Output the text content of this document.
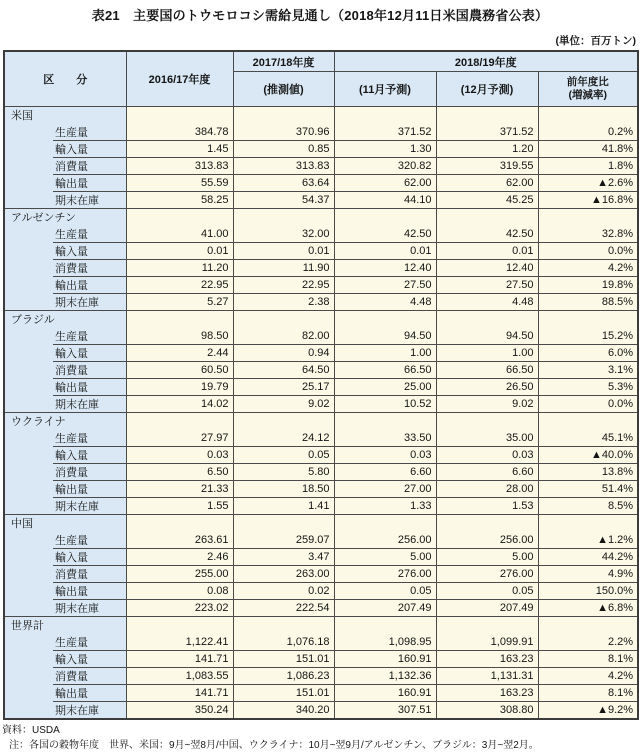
表21　主要国のトウモロコシ需給見通し（2018年12月11日米国農務省公表）
(単位：百万トン)
区　　分	2016/17年度	2017/18年度	2018/19年度		
		(推測値)	(11月予測)	(12月予測)	前年度比
(増減率)

米国					
生産量	384.78	370.96	371.52	371.52	0.2%
輸入量	1.45	0.85	1.30	1.20	41.8%
消費量	313.83	313.83	320.82	319.55	1.8%
輸出量	55.59	63.64	62.00	62.00	▲2.6%
期末在庫	58.25	54.37	44.10	45.25	▲16.8%
アルゼンチン					
生産量	41.00	32.00	42.50	42.50	32.8%
輸入量	0.01	0.01	0.01	0.01	0.0%
消費量	11.20	11.90	12.40	12.40	4.2%
輸出量	22.95	22.95	27.50	27.50	19.8%
期末在庫	5.27	2.38	4.48	4.48	88.5%
ブラジル					
生産量	98.50	82.00	94.50	94.50	15.2%
輸入量	2.44	0.94	1.00	1.00	6.0%
消費量	60.50	64.50	66.50	66.50	3.1%
輸出量	19.79	25.17	25.00	26.50	5.3%
期末在庫	14.02	9.02	10.52	9.02	0.0%
ウクライナ					
生産量	27.97	24.12	33.50	35.00	45.1%
輸入量	0.03	0.05	0.03	0.03	▲40.0%
消費量	6.50	5.80	6.60	6.60	13.8%
輸出量	21.33	18.50	27.00	28.00	51.4%
期末在庫	1.55	1.41	1.33	1.53	8.5%
中国					
生産量	263.61	259.07	256.00	256.00	▲1.2%
輸入量	2.46	3.47	5.00	5.00	44.2%
消費量	255.00	263.00	276.00	276.00	4.9%
輸出量	0.08	0.02	0.05	0.05	150.0%
期末在庫	223.02	222.54	207.49	207.49	▲6.8%
世界計					
生産量	1,122.41	1,076.18	1,098.95	1,099.91	2.2%
輸入量	141.71	151.01	160.91	163.23	8.1%
消費量	1,083.55	1,086.23	1,132.36	1,131.31	4.2%
輸出量	141.71	151.01	160.91	163.23	8.1%
期末在庫	350.24	340.20	307.51	308.80	▲9.2%
資料：USDA
注：各国の穀物年度　世界、米国：9月~翌8月/中国、ウクライナ：10月~翌9月/アルゼンチン、ブラジル：3月~翌2月。
